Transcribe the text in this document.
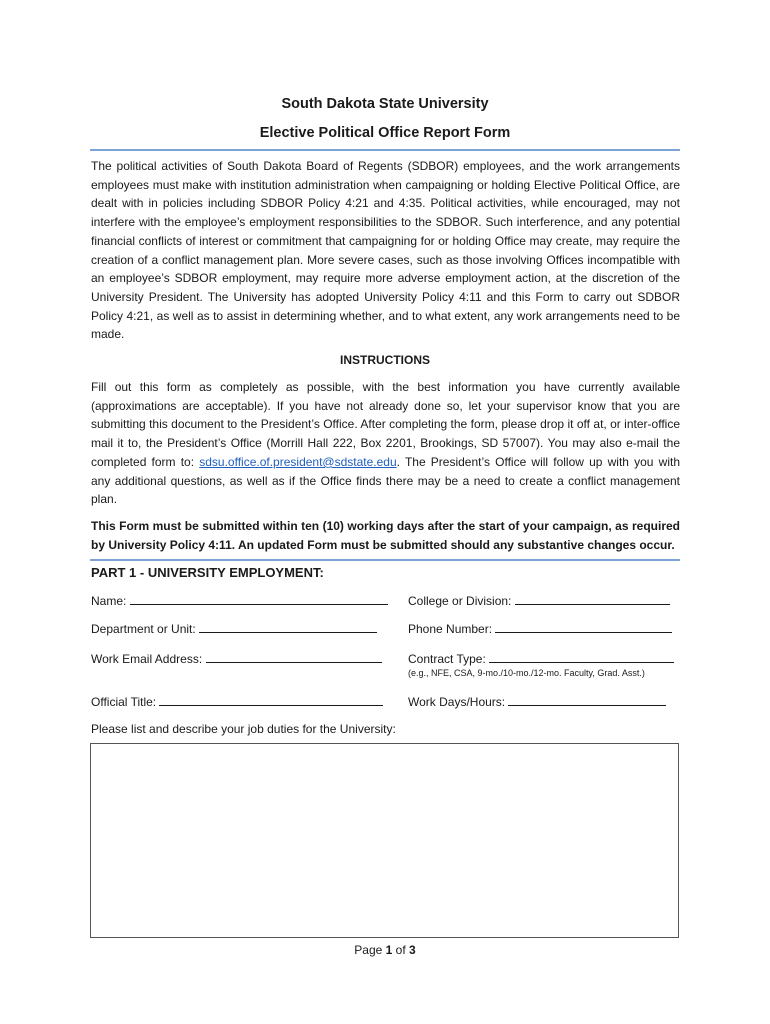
South Dakota State University
Elective Political Office Report Form
The political activities of South Dakota Board of Regents (SDBOR) employees, and the work arrangements employees must make with institution administration when campaigning or holding Elective Political Office, are dealt with in policies including SDBOR Policy 4:21 and 4:35. Political activities, while encouraged, may not interfere with the employee’s employment responsibilities to the SDBOR. Such interference, and any potential financial conflicts of interest or commitment that campaigning for or holding Office may create, may require the creation of a conflict management plan. More severe cases, such as those involving Offices incompatible with an employee’s SDBOR employment, may require more adverse employment action, at the discretion of the University President. The University has adopted University Policy 4:11 and this Form to carry out SDBOR Policy 4:21, as well as to assist in determining whether, and to what extent, any work arrangements need to be made.
INSTRUCTIONS
Fill out this form as completely as possible, with the best information you have currently available (approximations are acceptable). If you have not already done so, let your supervisor know that you are submitting this document to the President’s Office. After completing the form, please drop it off at, or inter-office mail it to, the President’s Office (Morrill Hall 222, Box 2201, Brookings, SD 57007). You may also e-mail the completed form to: sdsu.office.of.president@sdstate.edu. The President’s Office will follow up with you with any additional questions, as well as if the Office finds there may be a need to create a conflict management plan.
This Form must be submitted within ten (10) working days after the start of your campaign, as required by University Policy 4:11. An updated Form must be submitted should any substantive changes occur.
PART 1 - UNIVERSITY EMPLOYMENT:
Name:	College or Division:
Department or Unit:	Phone Number:
Work Email Address:	Contract Type:
(e.g., NFE, CSA, 9-mo./10-mo./12-mo. Faculty, Grad. Asst.)
Official Title:	Work Days/Hours:
Please list and describe your job duties for the University:
Page 1 of 3
